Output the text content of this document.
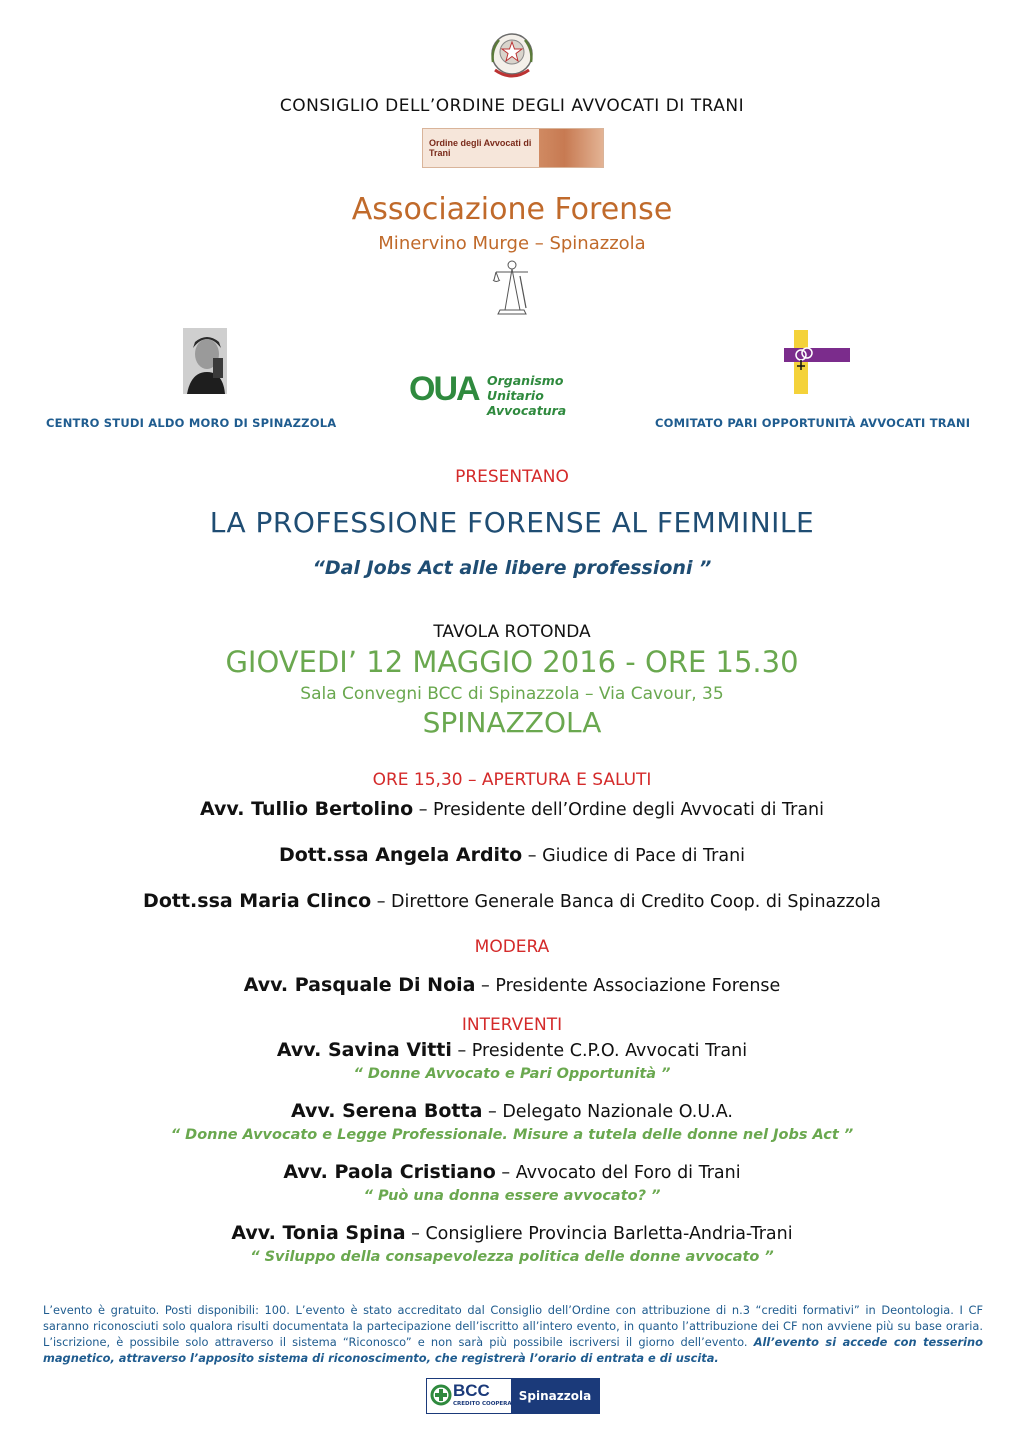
CONSIGLIO DELL’ORDINE DEGLI AVVOCATI DI TRANI
Ordine degli Avvocati di Trani
Associazione Forense
Minervino Murge – Spinazzola
CENTRO STUDI ALDO MORO DI SPINAZZOLA
OUA Organismo
Unitario
Avvocatura
COMITATO PARI OPPORTUNITÀ AVVOCATI TRANI
PRESENTANO
LA PROFESSIONE FORENSE AL FEMMINILE
“Dal Jobs Act alle libere professioni ”
TAVOLA ROTONDA
GIOVEDI’ 12 MAGGIO 2016 - ORE 15.30
Sala Convegni BCC di Spinazzola – Via Cavour, 35
SPINAZZOLA
ORE 15,30 – APERTURA E SALUTI
Avv. Tullio Bertolino – Presidente dell’Ordine degli Avvocati di Trani
Dott.ssa Angela Ardito – Giudice di Pace di Trani
Dott.ssa Maria Clinco – Direttore Generale Banca di Credito Coop. di Spinazzola
MODERA
Avv. Pasquale Di Noia – Presidente Associazione Forense
INTERVENTI
Avv. Savina Vitti – Presidente C.P.O. Avvocati Trani
“ Donne Avvocato e Pari Opportunità ”
Avv. Serena Botta – Delegato Nazionale O.U.A.
“ Donne Avvocato e Legge Professionale. Misure a tutela delle donne nel Jobs Act ”
Avv. Paola Cristiano – Avvocato del Foro di Trani
“ Può una donna essere avvocato? ”
Avv. Tonia Spina – Consigliere Provincia Barletta-Andria-Trani
“ Sviluppo della consapevolezza politica delle donne avvocato ”
L’evento è gratuito. Posti disponibili: 100. L’evento è stato accreditato dal Consiglio dell’Ordine con attribuzione di n.3 “crediti formativi” in Deontologia. I CF saranno riconosciuti solo qualora risulti documentata la partecipazione dell’iscritto all’intero evento, in quanto l’attribuzione dei CF non avviene più su base oraria. L’iscrizione, è possibile solo attraverso il sistema “Riconosco” e non sarà più possibile iscriversi il giorno dell’evento. All’evento si accede con tesserino magnetico, attraverso l’apposito sistema di riconoscimento, che registrerà l’orario di entrata e di uscita.
BCC
CREDITO COOPERATIVO
Spinazzola
